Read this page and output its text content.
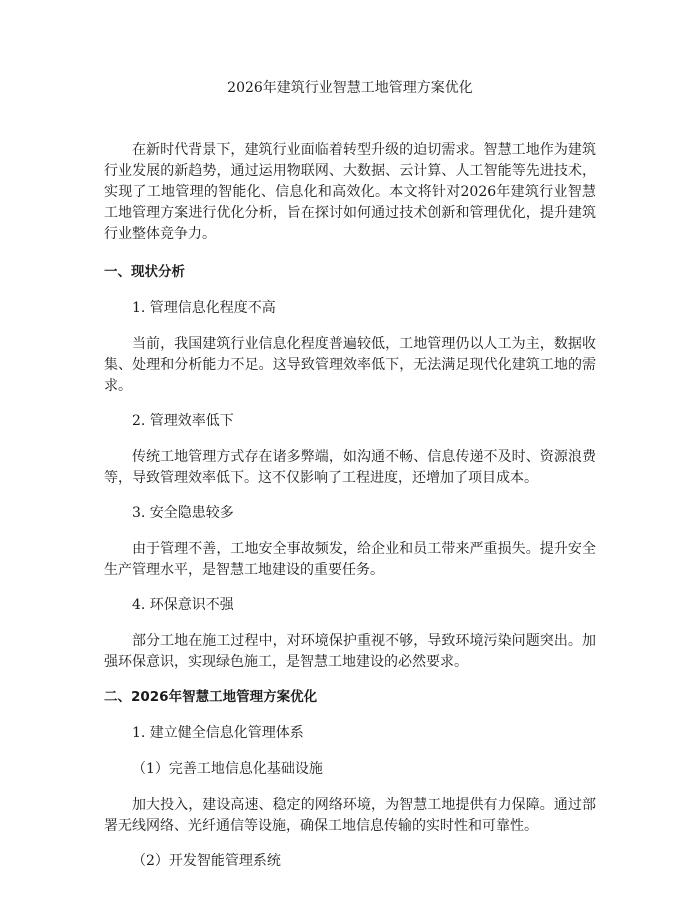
2026年建筑行业智慧工地管理方案优化

在新时代背景下，建筑行业面临着转型升级的迫切需求。智慧工地作为建筑行业发展的新趋势，通过运用物联网、大数据、云计算、人工智能等先进技术，实现了工地管理的智能化、信息化和高效化。本文将针对2026年建筑行业智慧工地管理方案进行优化分析，旨在探讨如何通过技术创新和管理优化，提升建筑行业整体竞争力。

一、现状分析

1. 管理信息化程度不高

当前，我国建筑行业信息化程度普遍较低，工地管理仍以人工为主，数据收集、处理和分析能力不足。这导致管理效率低下，无法满足现代化建筑工地的需求。

2. 管理效率低下

传统工地管理方式存在诸多弊端，如沟通不畅、信息传递不及时、资源浪费等，导致管理效率低下。这不仅影响了工程进度，还增加了项目成本。

3. 安全隐患较多

由于管理不善，工地安全事故频发，给企业和员工带来严重损失。提升安全生产管理水平，是智慧工地建设的重要任务。

4. 环保意识不强

部分工地在施工过程中，对环境保护重视不够，导致环境污染问题突出。加强环保意识，实现绿色施工，是智慧工地建设的必然要求。

二、2026年智慧工地管理方案优化

1. 建立健全信息化管理体系

（1）完善工地信息化基础设施

加大投入，建设高速、稳定的网络环境，为智慧工地提供有力保障。通过部署无线网络、光纤通信等设施，确保工地信息传输的实时性和可靠性。

（2）开发智能管理系统
